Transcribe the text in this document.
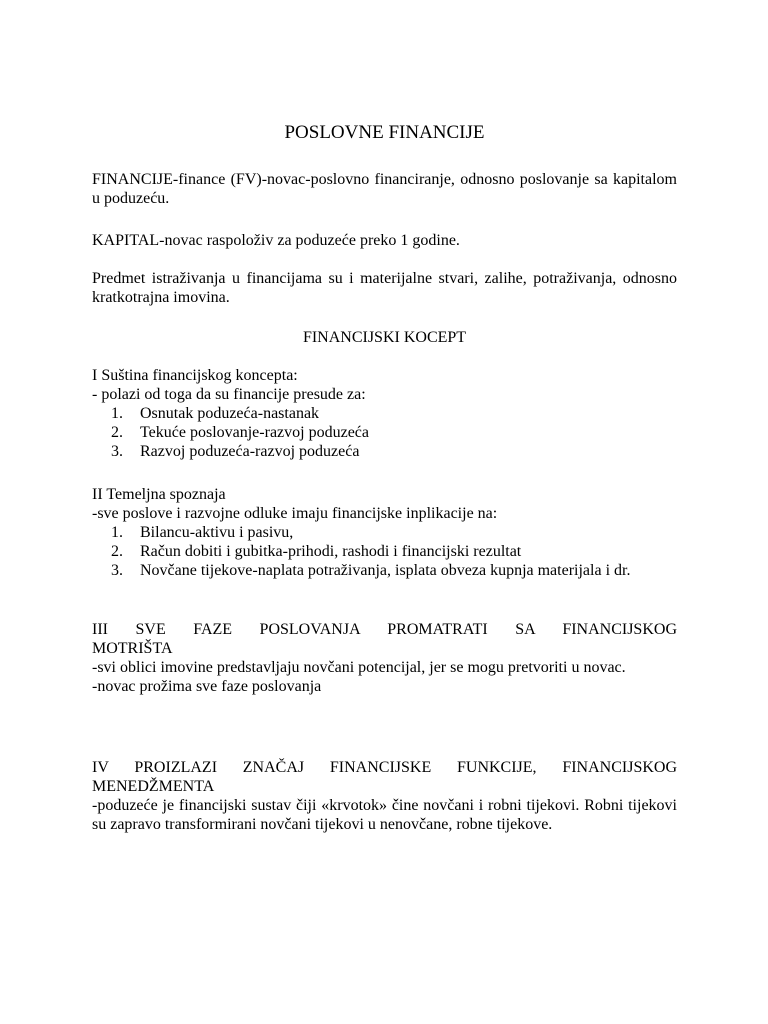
POSLOVNE FINANCIJE

FINANCIJE-finance (FV)-novac-poslovno financiranje, odnosno poslovanje sa kapitalom u poduzeću.

KAPITAL-novac raspoloživ za poduzeće preko 1 godine.

Predmet istraživanja u financijama su i materijalne stvari, zalihe, potraživanja, odnosno kratkotrajna imovina.

FINANCIJSKI KOCEPT

I Suština financijskog koncepta:

- polazi od toga da su financije presude za:

1. Osnutak poduzeća-nastanak
2. Tekuće poslovanje-razvoj poduzeća
3. Razvoj poduzeća-razvoj poduzeća

II Temeljna spoznaja

-sve poslove i razvojne odluke imaju financijske inplikacije na:

1. Bilancu-aktivu i pasivu,
2. Račun dobiti i gubitka-prihodi, rashodi i financijski rezultat
3. Novčane tijekove-naplata potraživanja, isplata obveza kupnja materijala i dr.

III SVE FAZE POSLOVANJA PROMATRATI SA FINANCIJSKOG

MOTRIŠTA

-svi oblici imovine predstavljaju novčani potencijal, jer se mogu pretvoriti u novac.

-novac prožima sve faze poslovanja

IV PROIZLAZI ZNAČAJ FINANCIJSKE FUNKCIJE, FINANCIJSKOG

MENEDŽMENTA

-poduzeće je financijski sustav čiji «krvotok» čine novčani i robni tijekovi. Robni tijekovi su zapravo transformirani novčani tijekovi u nenovčane, robne tijekove.
